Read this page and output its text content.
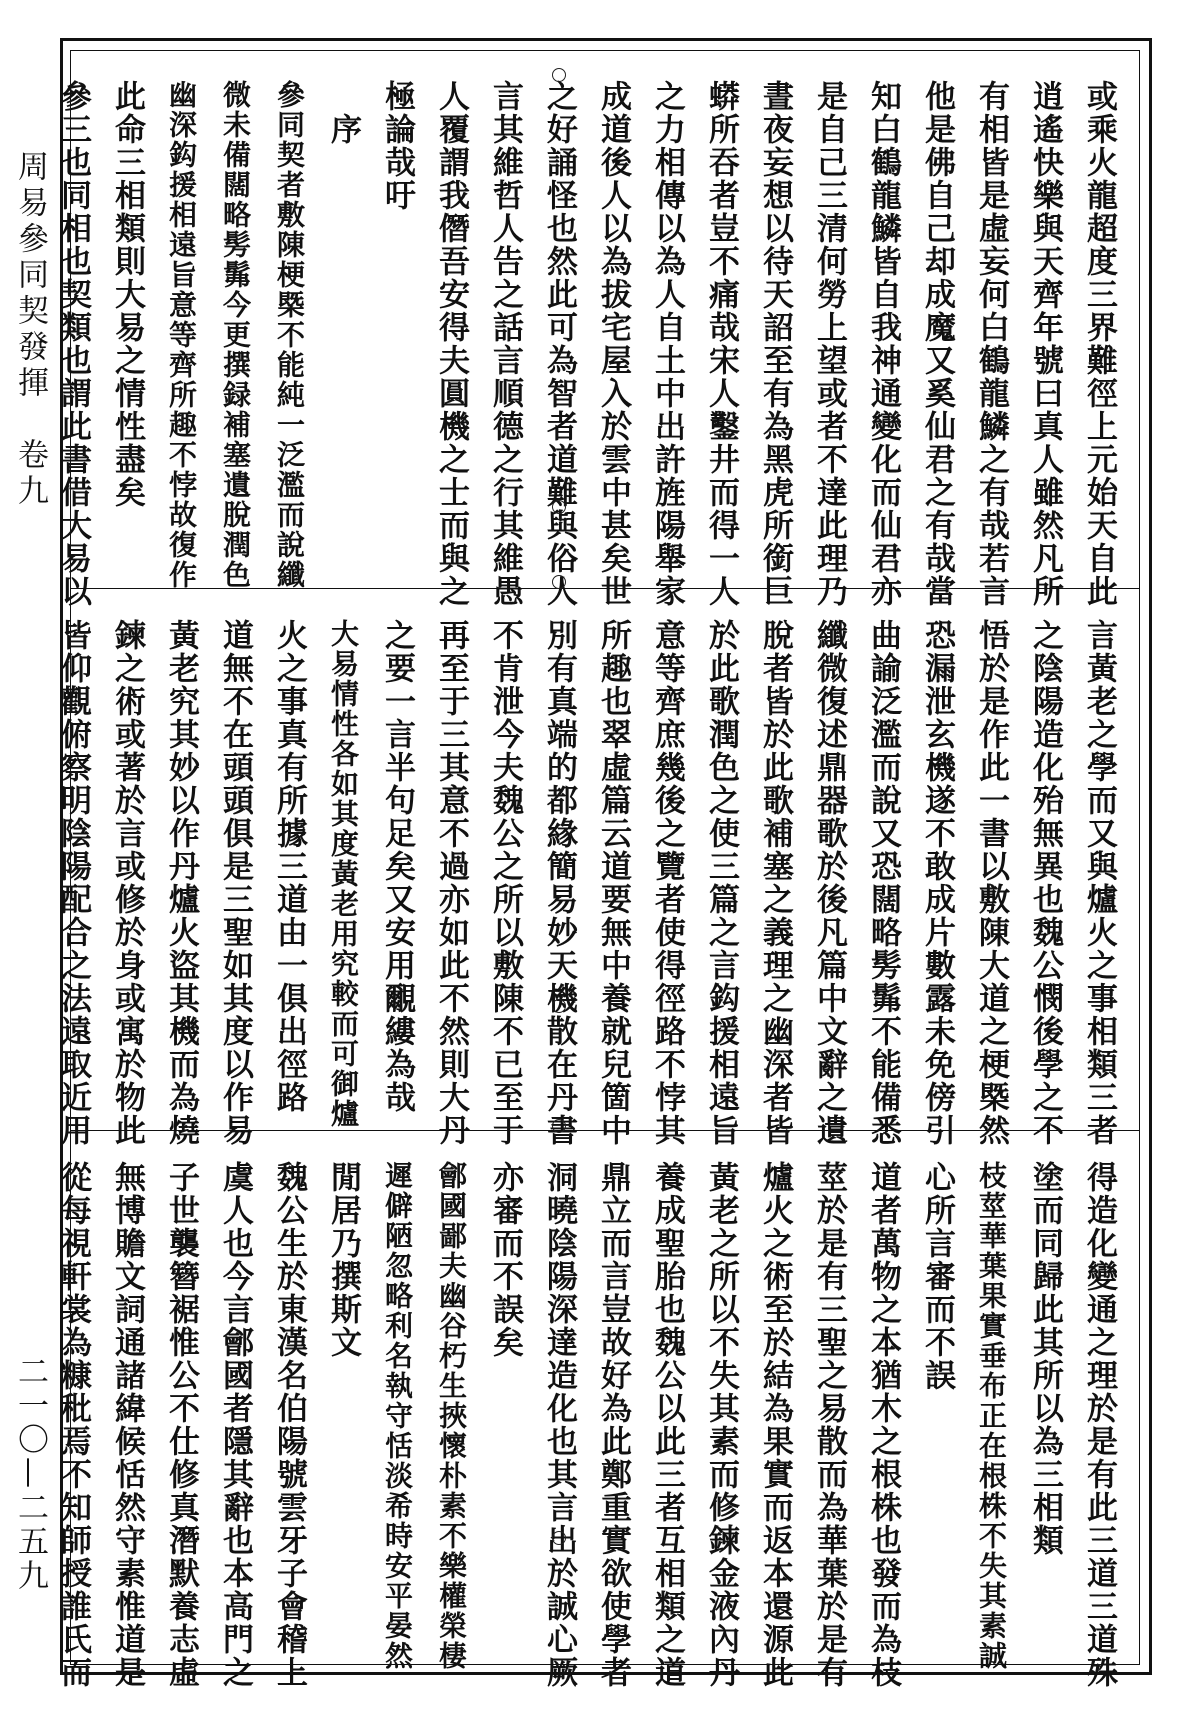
周易參同契發揮　卷九
二一〇—二五九
或乘火龍超度三界難徑上元始天自此
逍遙快樂與天齊年號曰真人雖然凡所
有相皆是虛妄何白鶴龍鱗之有哉若言
他是佛自己却成魔又奚仙君之有哉當
知白鶴龍鱗皆自我神通變化而仙君亦
是自己三清何勞上望或者不達此理乃
晝夜妄想以待天詔至有為黑虎所銜巨
蟒所吞者豈不痛哉宋人鑿井而得一人
之力相傳以為人自土中出許旌陽舉家
成道後人以為拔宅屋入於雲中甚矣世
之好誦怪也然此可為智者道難與俗人
言其維哲人告之話言順德之行其維愚
人覆謂我僭吾安得夫圓機之士而與之
極論哉吁
　序
參同契者敷陳梗槩不能純一泛濫而說纖
微未備闊略髣髴今更撰録補塞遺脫潤色
幽深鈎援相遠旨意等齊所趣不悖故復作
此命三相類則大易之情性盡矣
參三也同相也契類也謂此書借大易以
言黃老之學而又與爐火之事相類三者
之陰陽造化殆無異也魏公憫後學之不
悟於是作此一書以敷陳大道之梗槩然
恐漏泄玄機遂不敢成片數露未免傍引
曲諭泛濫而說又恐闊略髣髴不能備悉
纖微復述鼎器歌於後凡篇中文辭之遺
脫者皆於此歌補塞之義理之幽深者皆
於此歌潤色之使三篇之言鈎援相遠旨
意等齊庶幾後之覽者使得徑路不悖其
所趣也翠虛篇云道要無中養就兒箇中
別有真端的都緣簡易妙天機散在丹書
不肯泄今夫魏公之所以敷陳不已至于
再至于三其意不過亦如此不然則大丹
之要一言半句足矣又安用覼縷為哉
大易情性各如其度黃老用究較而可御爐
火之事真有所據三道由一俱出徑路
道無不在頭頭俱是三聖如其度以作易
黃老究其妙以作丹爐火盜其機而為燒
鍊之術或著於言或修於身或寓於物此
皆仰觀俯察明陰陽配合之法遠取近用
得造化變通之理於是有此三道三道殊
塗而同歸此其所以為三相類
枝莖華葉果實垂布正在根株不失其素誠
心所言審而不誤
道者萬物之本猶木之根株也發而為枝
莖於是有三聖之易散而為華葉於是有
爐火之術至於結為果實而返本還源此
黃老之所以不失其素而修鍊金液內丹
養成聖胎也魏公以此三者互相類之道
鼎立而言豈故好為此鄭重實欲使學者
洞曉陰陽深達造化也其言出於誠心厥
亦審而不誤矣
鄶國鄙夫幽谷朽生挾懷朴素不樂權榮棲
遲僻陋忽略利名執守恬淡希時安平晏然
閒居乃撰斯文
魏公生於東漢名伯陽號雲牙子會稽上
虞人也今言鄶國者隱其辭也本高門之
子世襲簪裾惟公不仕修真潛默養志虛
無博贍文詞通諸緯候恬然守素惟道是
從每視軒裳為糠秕焉不知師授誰氏而
